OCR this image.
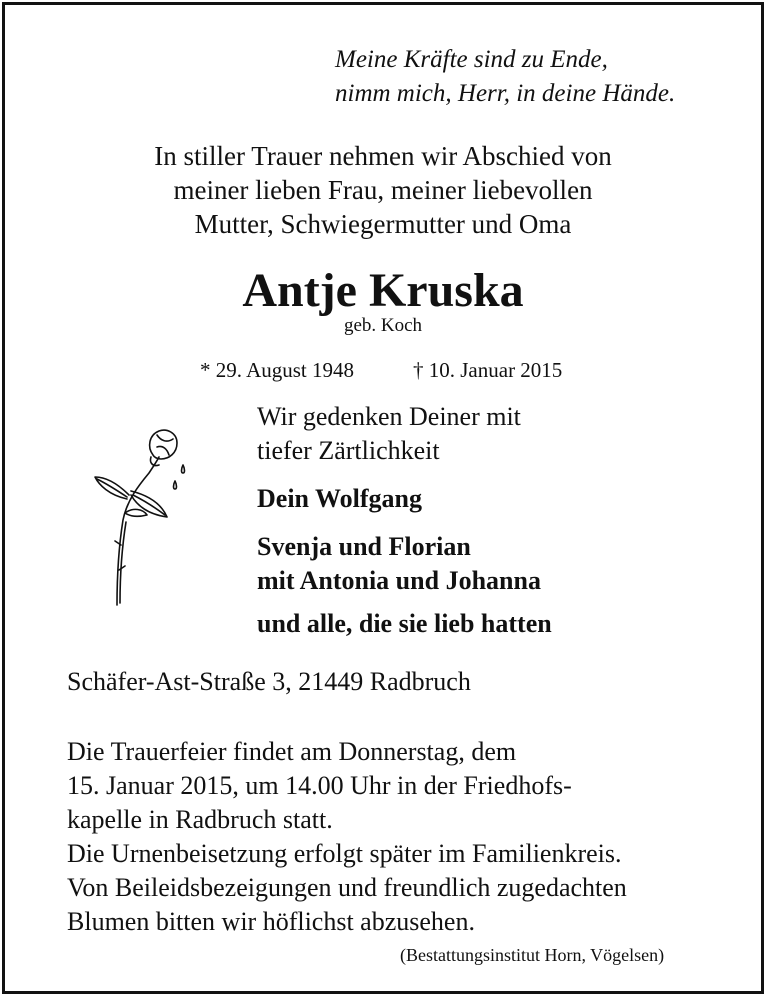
Meine Kräfte sind zu Ende,
nimm mich, Herr, in deine Hände.
In stiller Trauer nehmen wir Abschied von
meiner lieben Frau, meiner liebevollen
Mutter, Schwiegermutter und Oma
Antje Kruska
geb. Koch
* 29. August 1948	† 10. Januar 2015
Wir gedenken Deiner mit
tiefer Zärtlichkeit
Dein Wolfgang
Svenja und Florian
mit Antonia und Johanna
und alle, die sie lieb hatten
Schäfer-Ast-Straße 3, 21449 Radbruch
Die Trauerfeier findet am Donnerstag, dem
15. Januar 2015, um 14.00 Uhr in der Friedhofs-
kapelle in Radbruch statt.
Die Urnenbeisetzung erfolgt später im Familienkreis.
Von Beileidsbezeigungen und freundlich zugedachten
Blumen bitten wir höflichst abzusehen.
(Bestattungsinstitut Horn, Vögelsen)
